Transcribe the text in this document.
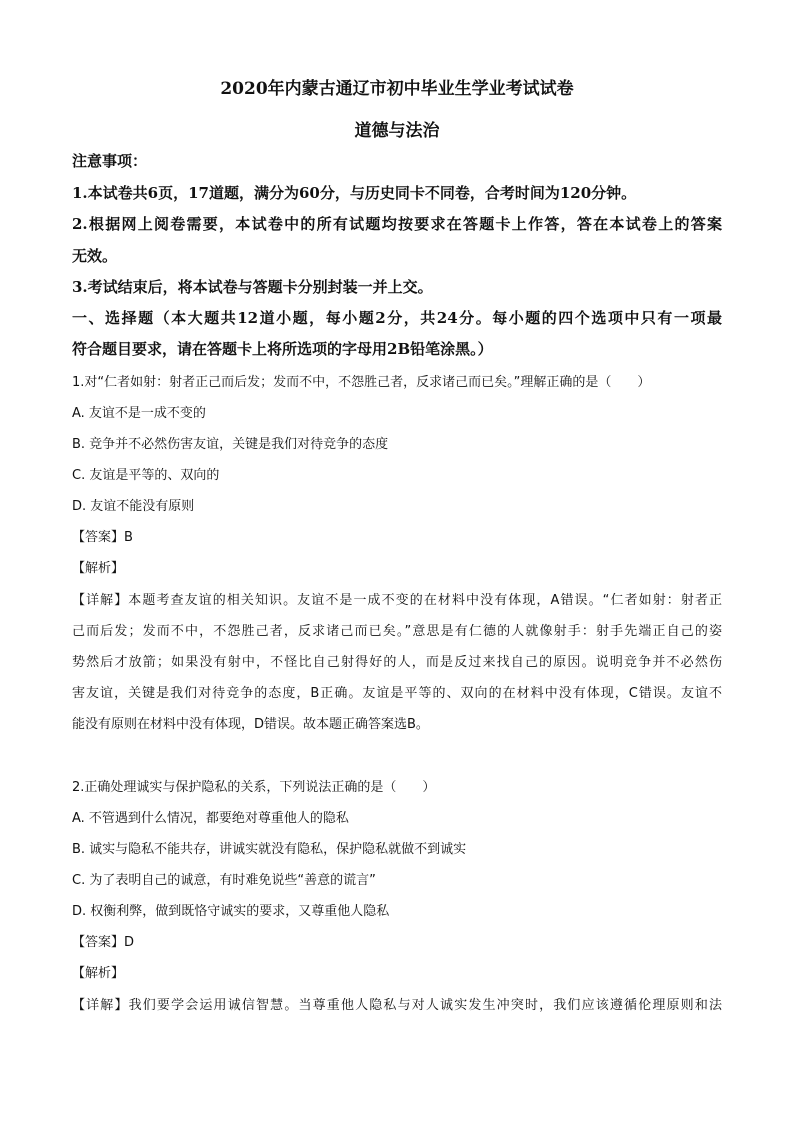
2020年内蒙古通辽市初中毕业生学业考试试卷
道德与法治
注意事项：
1.本试卷共6页，17道题，满分为60分，与历史同卡不同卷，合考时间为120分钟。
2.根据网上阅卷需要，本试卷中的所有试题均按要求在答题卡上作答，答在本试卷上的答案
无效。
3.考试结束后，将本试卷与答题卡分别封装一并上交。
一、选择题（本大题共12道小题，每小题2分，共24分。每小题的四个选项中只有一项最
符合题目要求，请在答题卡上将所选项的字母用2B铅笔涂黑。）
1.对“仁者如射：射者正己而后发；发而不中，不怨胜己者，反求诸己而已矣。”理解正确的是（　　）
A. 友谊不是一成不变的
B. 竞争并不必然伤害友谊，关键是我们对待竞争的态度
C. 友谊是平等的、双向的
D. 友谊不能没有原则
【答案】B
【解析】
【详解】本题考查友谊的相关知识。友谊不是一成不变的在材料中没有体现，A错误。“仁者如射：射者正
己而后发；发而不中，不怨胜己者，反求诸己而已矣。”意思是有仁德的人就像射手：射手先端正自己的姿
势然后才放箭；如果没有射中，不怪比自己射得好的人，而是反过来找自己的原因。说明竞争并不必然伤
害友谊，关键是我们对待竞争的态度，B正确。友谊是平等的、双向的在材料中没有体现，C错误。友谊不
能没有原则在材料中没有体现，D错误。故本题正确答案选B。
2.正确处理诚实与保护隐私的关系，下列说法正确的是（　　）
A. 不管遇到什么情况，都要绝对尊重他人的隐私
B. 诚实与隐私不能共存，讲诚实就没有隐私，保护隐私就做不到诚实
C. 为了表明自己的诚意，有时难免说些“善意的谎言”
D. 权衡利弊，做到既恪守诚实的要求，又尊重他人隐私
【答案】D
【解析】
【详解】我们要学会运用诚信智慧。当尊重他人隐私与对人诚实发生冲突时，我们应该遵循伦理原则和法
